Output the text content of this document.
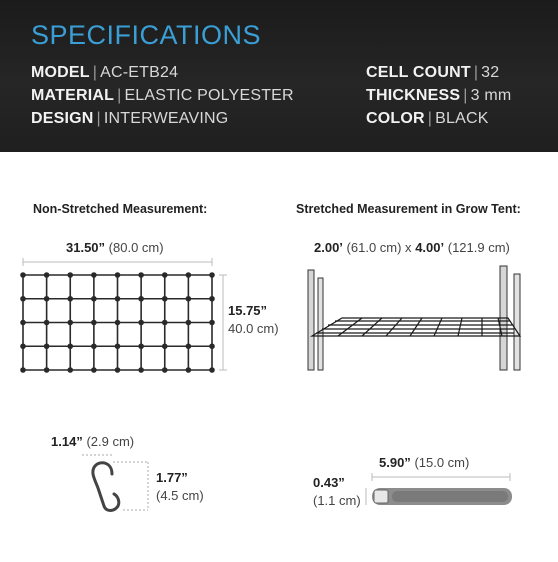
SPECIFICATIONS
MODEL | AC-ETB24
MATERIAL | ELASTIC POLYESTER
DESIGN | INTERWEAVING
CELL COUNT | 32
THICKNESS | 3 mm
COLOR | BLACK
Non-Stretched Measurement:	Stretched Measurement in Grow Tent:
31.50” (80.0 cm)
15.75”
40.0 cm)
2.00’ (61.0 cm) x 4.00’ (121.9 cm)
1.14” (2.9 cm)
1.77”
(4.5 cm)
5.90” (15.0 cm)
0.43”
(1.1 cm)
